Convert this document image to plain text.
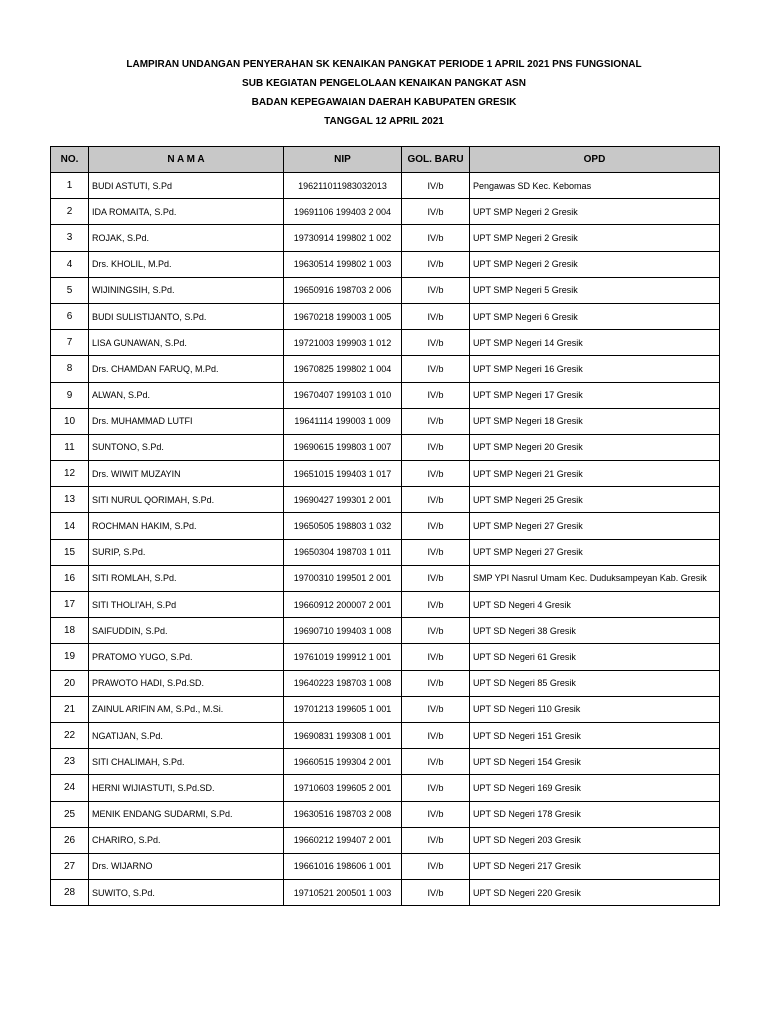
LAMPIRAN UNDANGAN PENYERAHAN SK KENAIKAN PANGKAT PERIODE 1 APRIL 2021 PNS FUNGSIONAL
SUB KEGIATAN PENGELOLAAN KENAIKAN PANGKAT ASN
BADAN KEPEGAWAIAN DAERAH KABUPATEN GRESIK
TANGGAL 12 APRIL 2021
NO.	N A M A	NIP	GOL. BARU	OPD
1	BUDI ASTUTI, S.Pd	196211011983032013	IV/b	Pengawas SD Kec. Kebomas
2	IDA ROMAITA, S.Pd.	19691106 199403 2 004	IV/b	UPT SMP Negeri 2 Gresik
3	ROJAK, S.Pd.	19730914 199802 1 002	IV/b	UPT SMP Negeri 2 Gresik
4	Drs. KHOLIL, M.Pd.	19630514 199802 1 003	IV/b	UPT SMP Negeri 2 Gresik
5	WIJININGSIH, S.Pd.	19650916 198703 2 006	IV/b	UPT SMP Negeri 5 Gresik
6	BUDI SULISTIJANTO, S.Pd.	19670218 199003 1 005	IV/b	UPT SMP Negeri 6 Gresik
7	LISA GUNAWAN, S.Pd.	19721003 199903 1 012	IV/b	UPT SMP Negeri 14 Gresik
8	Drs. CHAMDAN FARUQ, M.Pd.	19670825 199802 1 004	IV/b	UPT SMP Negeri 16 Gresik
9	ALWAN, S.Pd.	19670407 199103 1 010	IV/b	UPT SMP Negeri 17 Gresik
10	Drs. MUHAMMAD LUTFI	19641114 199003 1 009	IV/b	UPT SMP Negeri 18 Gresik
11	SUNTONO, S.Pd.	19690615 199803 1 007	IV/b	UPT SMP Negeri 20 Gresik
12	Drs. WIWIT MUZAYIN	19651015 199403 1 017	IV/b	UPT SMP Negeri 21 Gresik
13	SITI NURUL QORIMAH, S.Pd.	19690427 199301 2 001	IV/b	UPT SMP Negeri 25 Gresik
14	ROCHMAN HAKIM, S.Pd.	19650505 198803 1 032	IV/b	UPT SMP Negeri 27 Gresik
15	SURIP, S.Pd.	19650304 198703 1 011	IV/b	UPT SMP Negeri 27 Gresik
16	SITI ROMLAH, S.Pd.	19700310 199501 2 001	IV/b	SMP YPI Nasrul Umam Kec. Duduksampeyan Kab. Gresik
17	SITI THOLI'AH, S.Pd	19660912 200007 2 001	IV/b	UPT SD Negeri 4 Gresik
18	SAIFUDDIN, S.Pd.	19690710 199403 1 008	IV/b	UPT SD Negeri 38 Gresik
19	PRATOMO YUGO, S.Pd.	19761019 199912 1 001	IV/b	UPT SD Negeri 61 Gresik
20	PRAWOTO HADI, S.Pd.SD.	19640223 198703 1 008	IV/b	UPT SD Negeri 85 Gresik
21	ZAINUL ARIFIN AM, S.Pd., M.Si.	19701213 199605 1 001	IV/b	UPT SD Negeri 110 Gresik
22	NGATIJAN, S.Pd.	19690831 199308 1 001	IV/b	UPT SD Negeri 151 Gresik
23	SITI CHALIMAH, S.Pd.	19660515 199304 2 001	IV/b	UPT SD Negeri 154 Gresik
24	HERNI WIJIASTUTI, S.Pd.SD.	19710603 199605 2 001	IV/b	UPT SD Negeri 169 Gresik
25	MENIK ENDANG SUDARMI, S.Pd.	19630516 198703 2 008	IV/b	UPT SD Negeri 178 Gresik
26	CHARIRO, S.Pd.	19660212 199407 2 001	IV/b	UPT SD Negeri 203 Gresik
27	Drs. WIJARNO	19661016 198606 1 001	IV/b	UPT SD Negeri 217 Gresik
28	SUWITO, S.Pd.	19710521 200501 1 003	IV/b	UPT SD Negeri 220 Gresik
